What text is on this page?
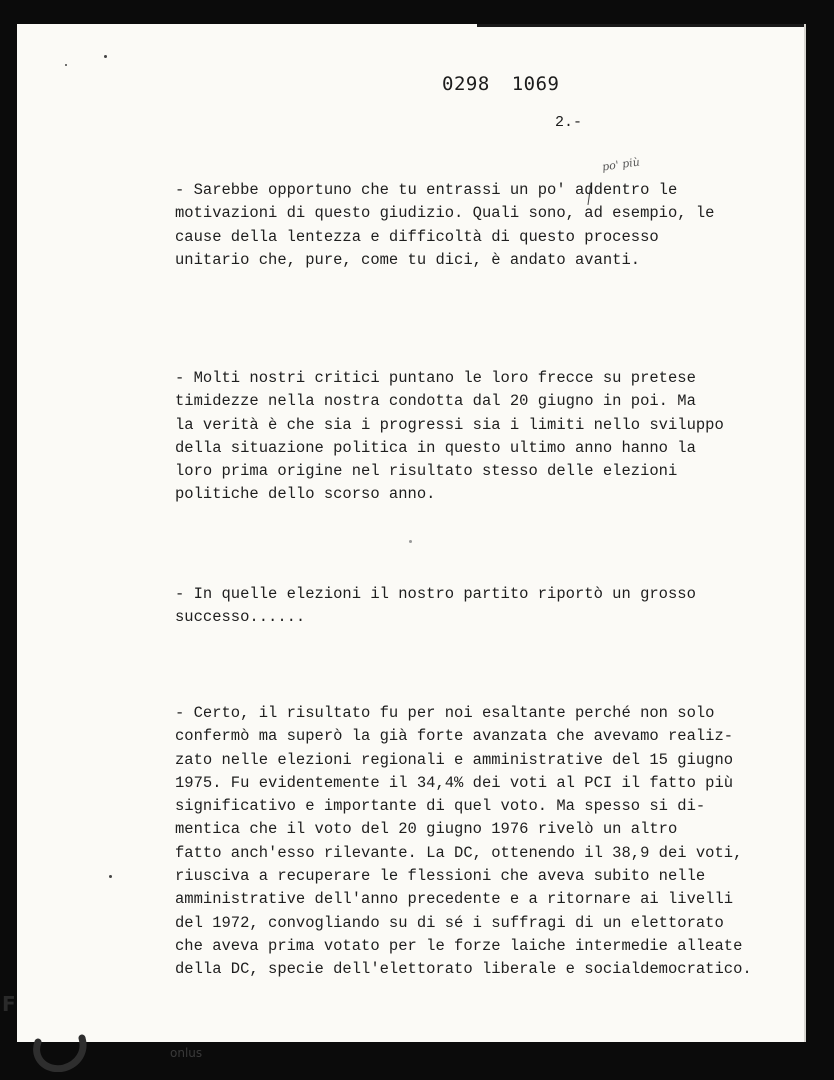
0298 1069
2.-
po' più
- Sarebbe opportuno che tu entrassi un po' addentro le
motivazioni di questo giudizio. Quali sono, ad esempio, le
cause della lentezza e difficoltà di questo processo
unitario che, pure, come tu dici, è andato avanti.
- Molti nostri critici puntano le loro frecce su pretese
timidezze nella nostra condotta dal 20 giugno in poi. Ma
la verità è che sia i progressi sia i limiti nello sviluppo
della situazione politica in questo ultimo anno hanno la
loro prima origine nel risultato stesso delle elezioni
politiche dello scorso anno.
- In quelle elezioni il nostro partito riportò un grosso
successo......
- Certo, il risultato fu per noi esaltante perché non solo
confermò ma superò la già forte avanzata che avevamo realiz-
zato nelle elezioni regionali e amministrative del 15 giugno
1975. Fu evidentemente il 34,4% dei voti al PCI il fatto più
significativo e importante di quel voto. Ma spesso si di-
mentica che il voto del 20 giugno 1976 rivelò un altro
fatto anch'esso rilevante. La DC, ottenendo il 38,9 dei voti,
riusciva a recuperare le flessioni che aveva subito nelle
amministrative dell'anno precedente e a ritornare ai livelli
del 1972, convogliando su di sé i suffragi di un elettorato
che aveva prima votato per le forze laiche intermedie alleate
della DC, specie dell'elettorato liberale e socialdemocratico.
F
onlus
